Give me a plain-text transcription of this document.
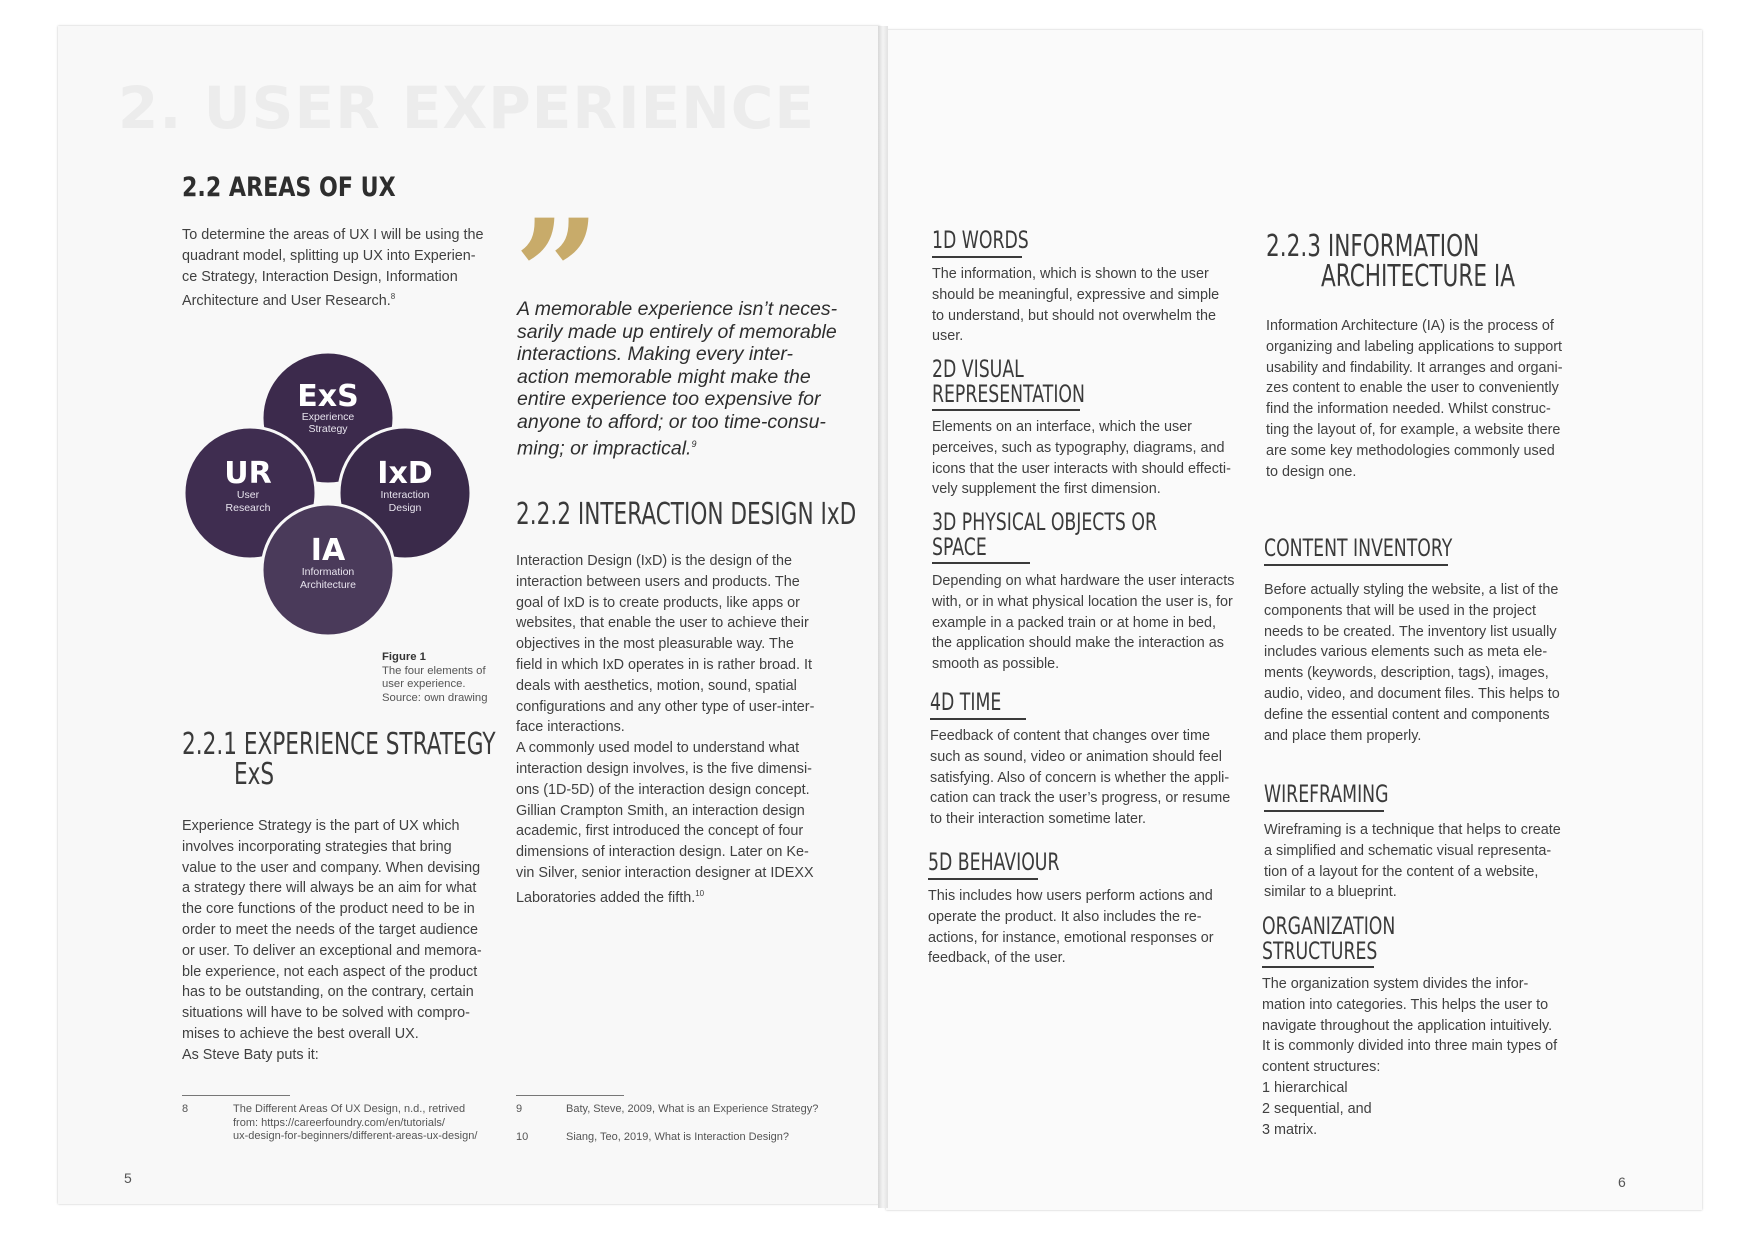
2. USER EXPERIENCE
2.2 AREAS OF UX
To determine the areas of UX I will be using the
quadrant model, splitting up UX into Experien-
ce Strategy, Interaction Design, Information
Architecture and User Research.$^8$
ExS
Experience
Strategy
UR
User
Research
IxD
Interaction
Design
IA
Information
Architecture
Figure 1
The four elements of
user experience.
Source: own drawing
2.2.1 EXPERIENCE STRATEGY
ExS
Experience Strategy is the part of UX which
involves incorporating strategies that bring
value to the user and company. When devising
a strategy there will always be an aim for what
the core functions of the product need to be in
order to meet the needs of the target audience
or user. To deliver an exceptional and memora-
ble experience, not each aspect of the product
has to be outstanding, on the contrary, certain
situations will have to be solved with compro-
mises to achieve the best overall UX.
As Steve Baty puts it:
”
A memorable experience isn’t neces-
sarily made up entirely of memorable
interactions. Making every inter-
action memorable might make the
entire experience too expensive for
anyone to afford; or too time-consu-
ming; or impractical.$^9$
2.2.2 INTERACTION DESIGN IxD
Interaction Design (IxD) is the design of the
interaction between users and products. The
goal of IxD is to create products, like apps or
websites, that enable the user to achieve their
objectives in the most pleasurable way. The
field in which IxD operates in is rather broad. It
deals with aesthetics, motion, sound, spatial
configurations and any other type of user-inter-
face interactions.
A commonly used model to understand what
interaction design involves, is the five dimensi-
ons (1D-5D) of the interaction design concept.
Gillian Crampton Smith, an interaction design
academic, first introduced the concept of four
dimensions of interaction design. Later on Ke-
vin Silver, senior interaction designer at IDEXX
Laboratories added the fifth.$^{10}$
8	The Different Areas Of UX Design, n.d., retrived
from: https://careerfoundry.com/en/tutorials/
ux-design-for-beginners/different-areas-ux-design/
9	Baty, Steve, 2009, What is an Experience Strategy?
10	Siang, Teo, 2019, What is Interaction Design?
5
1D WORDS
The information, which is shown to the user
should be meaningful, expressive and simple
to understand, but should not overwhelm the
user.
2D VISUAL
REPRESENTATION
Elements on an interface, which the user
perceives, such as typography, diagrams, and
icons that the user interacts with should effecti-
vely supplement the first dimension.
3D PHYSICAL OBJECTS OR
SPACE
Depending on what hardware the user interacts
with, or in what physical location the user is, for
example in a packed train or at home in bed,
the application should make the interaction as
smooth as possible.
4D TIME
Feedback of content that changes over time
such as sound, video or animation should feel
satisfying. Also of concern is whether the appli-
cation can track the user’s progress, or resume
to their interaction sometime later.
5D BEHAVIOUR
This includes how users perform actions and
operate the product. It also includes the re-
actions, for instance, emotional responses or
feedback, of the user.
2.2.3 INFORMATION
ARCHITECTURE IA
Information Architecture (IA) is the process of
organizing and labeling applications to support
usability and findability. It arranges and organi-
zes content to enable the user to conveniently
find the information needed. Whilst construc-
ting the layout of, for example, a website there
are some key methodologies commonly used
to design one.
CONTENT INVENTORY
Before actually styling the website, a list of the
components that will be used in the project
needs to be created. The inventory list usually
includes various elements such as meta ele-
ments (keywords, description, tags), images,
audio, video, and document files. This helps to
define the essential content and components
and place them properly.
WIREFRAMING
Wireframing is a technique that helps to create
a simplified and schematic visual representa-
tion of a layout for the content of a website,
similar to a blueprint.
ORGANIZATION
STRUCTURES
The organization system divides the infor-
mation into categories. This helps the user to
navigate throughout the application intuitively.
It is commonly divided into three main types of
content structures:
1 hierarchical
2 sequential, and
3 matrix.
6
